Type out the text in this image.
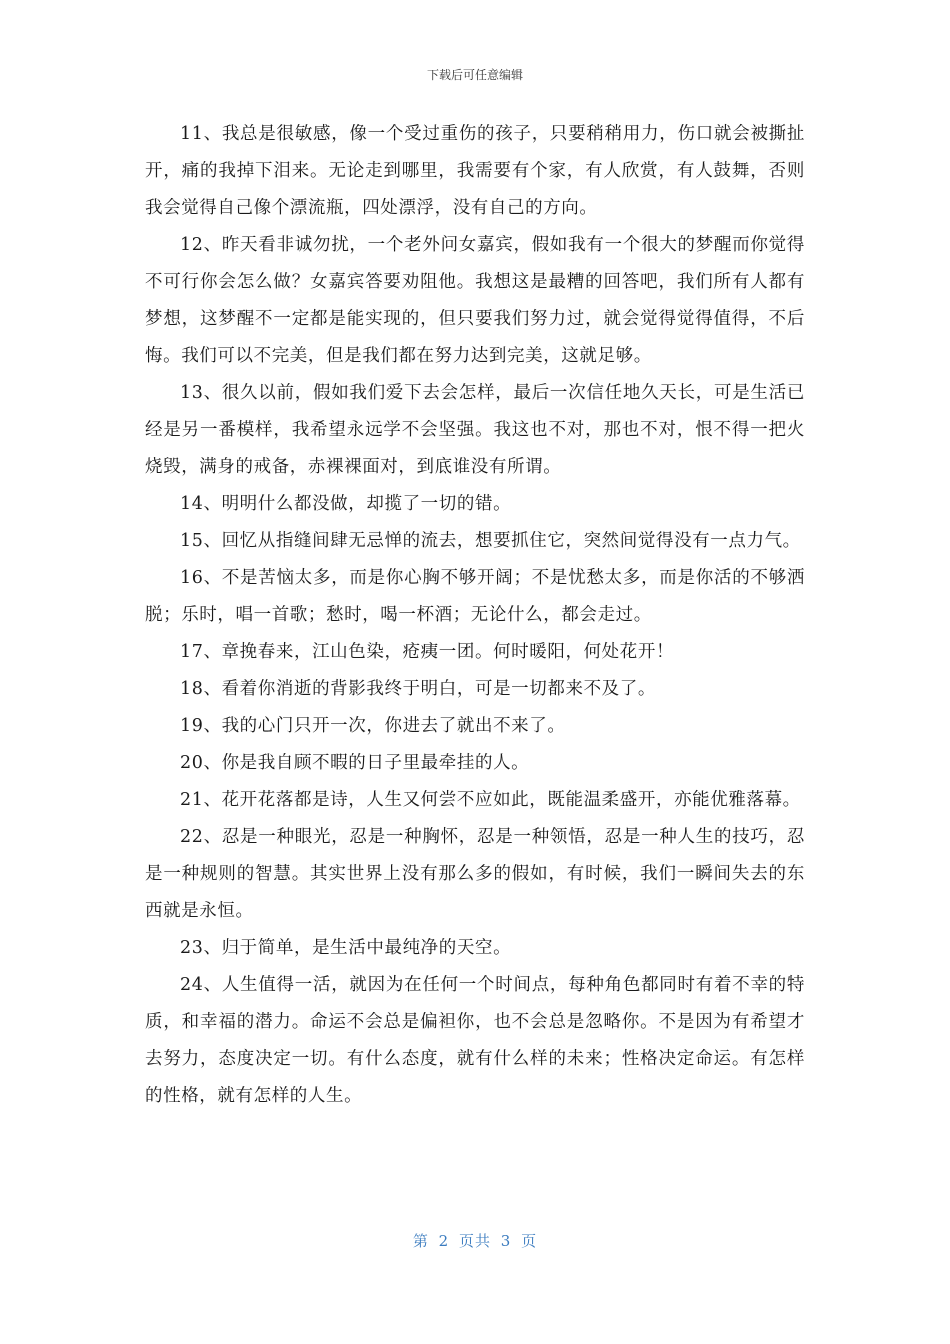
下载后可任意编辑

11、我总是很敏感，像一个受过重伤的孩子，只要稍稍用力，伤口就会被撕扯开，痛的我掉下泪来。无论走到哪里，我需要有个家，有人欣赏，有人鼓舞，否则我会觉得自己像个漂流瓶，四处漂浮，没有自己的方向。

12、昨天看非诚勿扰，一个老外问女嘉宾，假如我有一个很大的梦醒而你觉得不可行你会怎么做？女嘉宾答要劝阻他。我想这是最糟的回答吧，我们所有人都有梦想，这梦醒不一定都是能实现的，但只要我们努力过，就会觉得觉得值得，不后悔。我们可以不完美，但是我们都在努力达到完美，这就足够。

13、很久以前，假如我们爱下去会怎样，最后一次信任地久天长，可是生活已经是另一番模样，我希望永远学不会坚强。我这也不对，那也不对，恨不得一把火烧毁，满身的戒备，赤裸裸面对，到底谁没有所谓。

14、明明什么都没做，却揽了一切的错。

15、回忆从指缝间肆无忌惮的流去，想要抓住它，突然间觉得没有一点力气。

16、不是苦恼太多，而是你心胸不够开阔；不是忧愁太多，而是你活的不够洒脱；乐时，唱一首歌；愁时，喝一杯酒；无论什么，都会走过。

17、章挽春来，江山色染，疮痍一团。何时暖阳，何处花开！

18、看着你消逝的背影我终于明白，可是一切都来不及了。

19、我的心门只开一次，你进去了就出不来了。

20、你是我自顾不暇的日子里最牵挂的人。

21、花开花落都是诗，人生又何尝不应如此，既能温柔盛开，亦能优雅落幕。

22、忍是一种眼光，忍是一种胸怀，忍是一种领悟，忍是一种人生的技巧，忍是一种规则的智慧。其实世界上没有那么多的假如，有时候，我们一瞬间失去的东西就是永恒。

23、归于简单，是生活中最纯净的天空。

24、人生值得一活，就因为在任何一个时间点，每种角色都同时有着不幸的特质，和幸福的潜力。命运不会总是偏袒你，也不会总是忽略你。不是因为有希望才去努力，态度决定一切。有什么态度，就有什么样的未来；性格决定命运。有怎样的性格，就有怎样的人生。

第 2 页共 3 页
